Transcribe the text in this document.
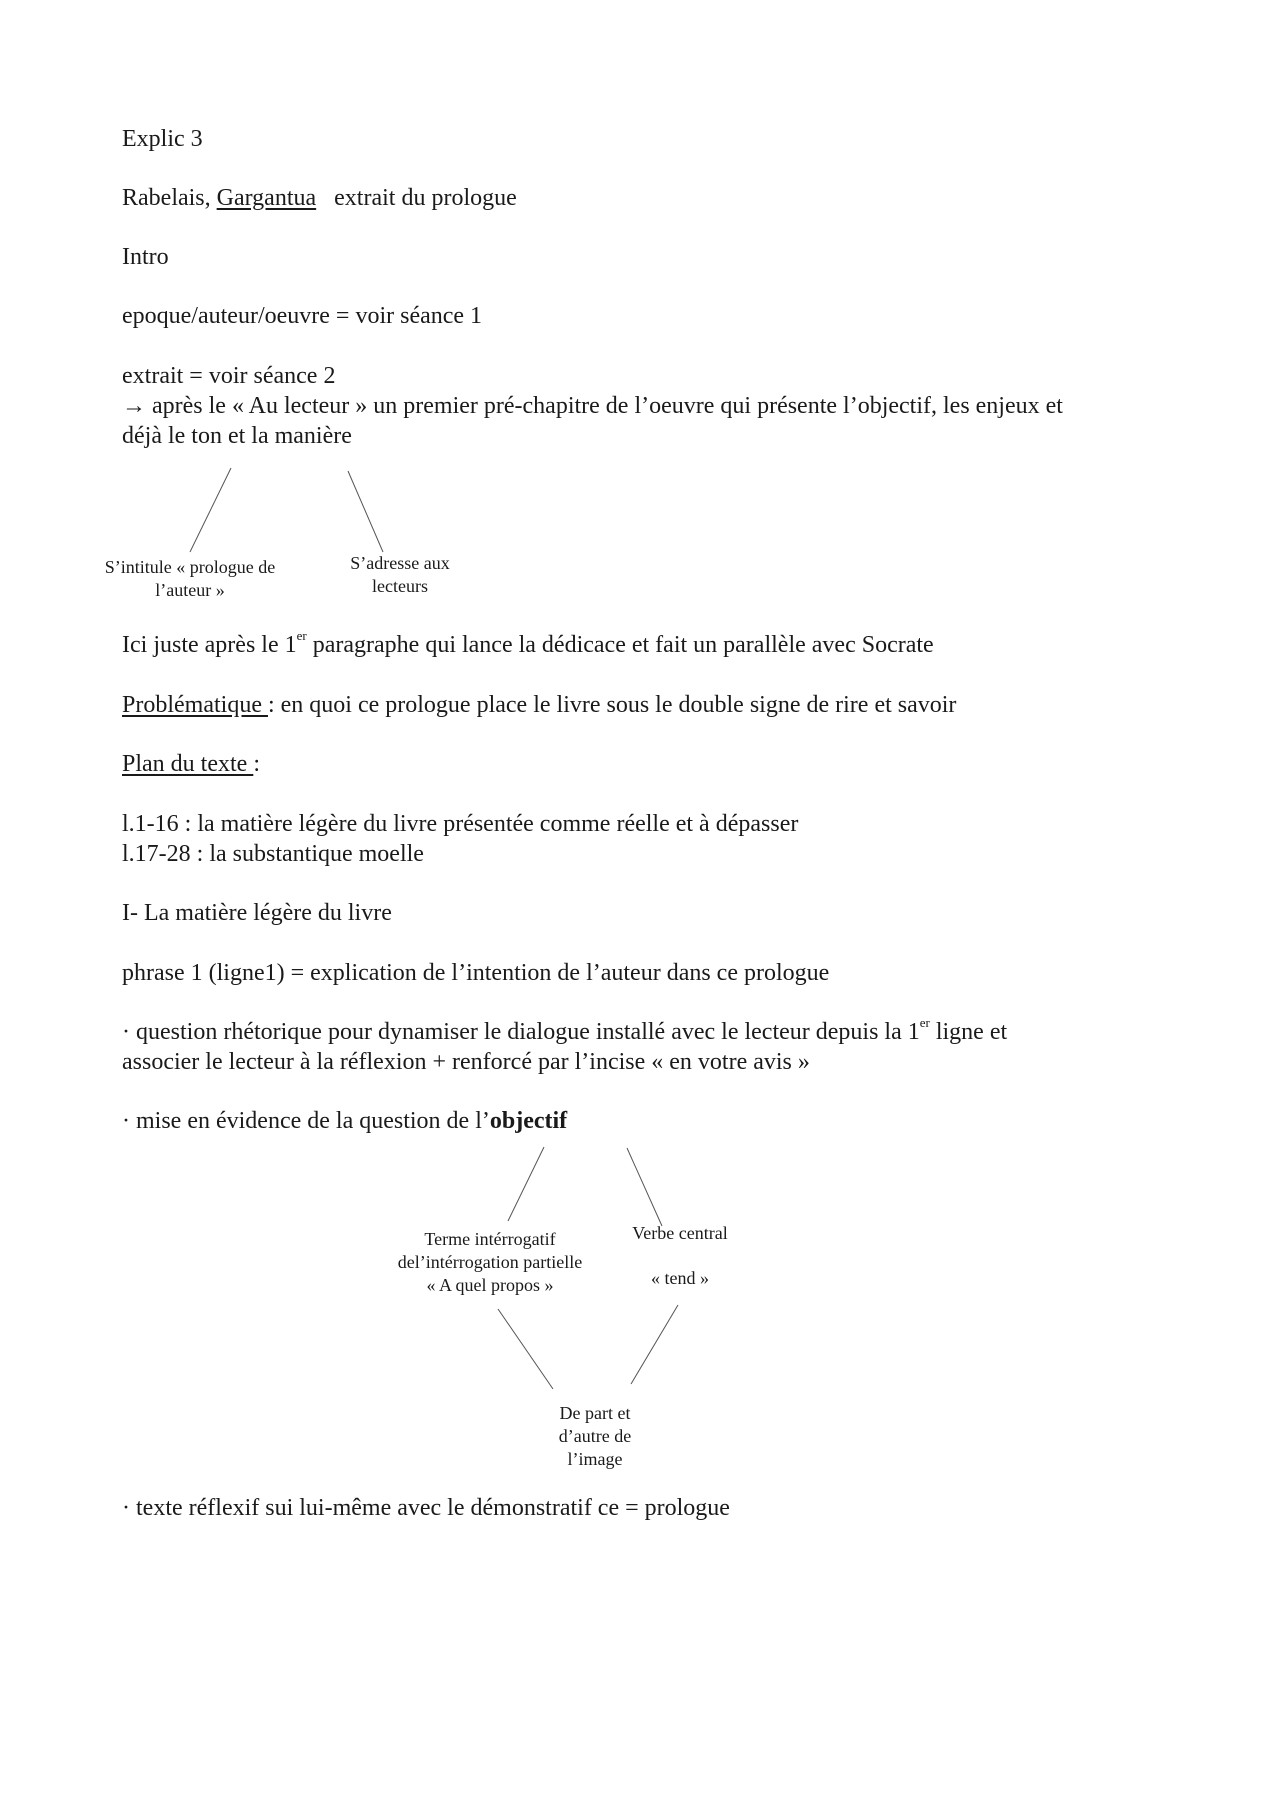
Explic 3
Rabelais, Gargantua extrait du prologue
Intro
epoque/auteur/oeuvre = voir séance 1
extrait = voir séance 2
→ après le « Au lecteur » un premier pré-chapitre de l’oeuvre qui présente l’objectif, les enjeux et
déjà le ton et la manière
S’intitule « prologue de
l’auteur »
S’adresse aux
lecteurs
Ici juste après le 1er paragraphe qui lance la dédicace et fait un parallèle avec Socrate
Problématique : en quoi ce prologue place le livre sous le double signe de rire et savoir
Plan du texte :
l.1-16 : la matière légère du livre présentée comme réelle et à dépasser
l.17-28 : la substantique moelle
I- La matière légère du livre
phrase 1 (ligne1) = explication de l’intention de l’auteur dans ce prologue
· question rhétorique pour dynamiser le dialogue installé avec le lecteur depuis la 1er ligne et
associer le lecteur à la réflexion + renforcé par l’incise « en votre avis »
· mise en évidence de la question de l’objectif
Terme intérrogatif
del’intérrogation partielle
« A quel propos »
Verbe central
« tend »
De part et
d’autre de
l’image
· texte réflexif sui lui-même avec le démonstratif ce = prologue
